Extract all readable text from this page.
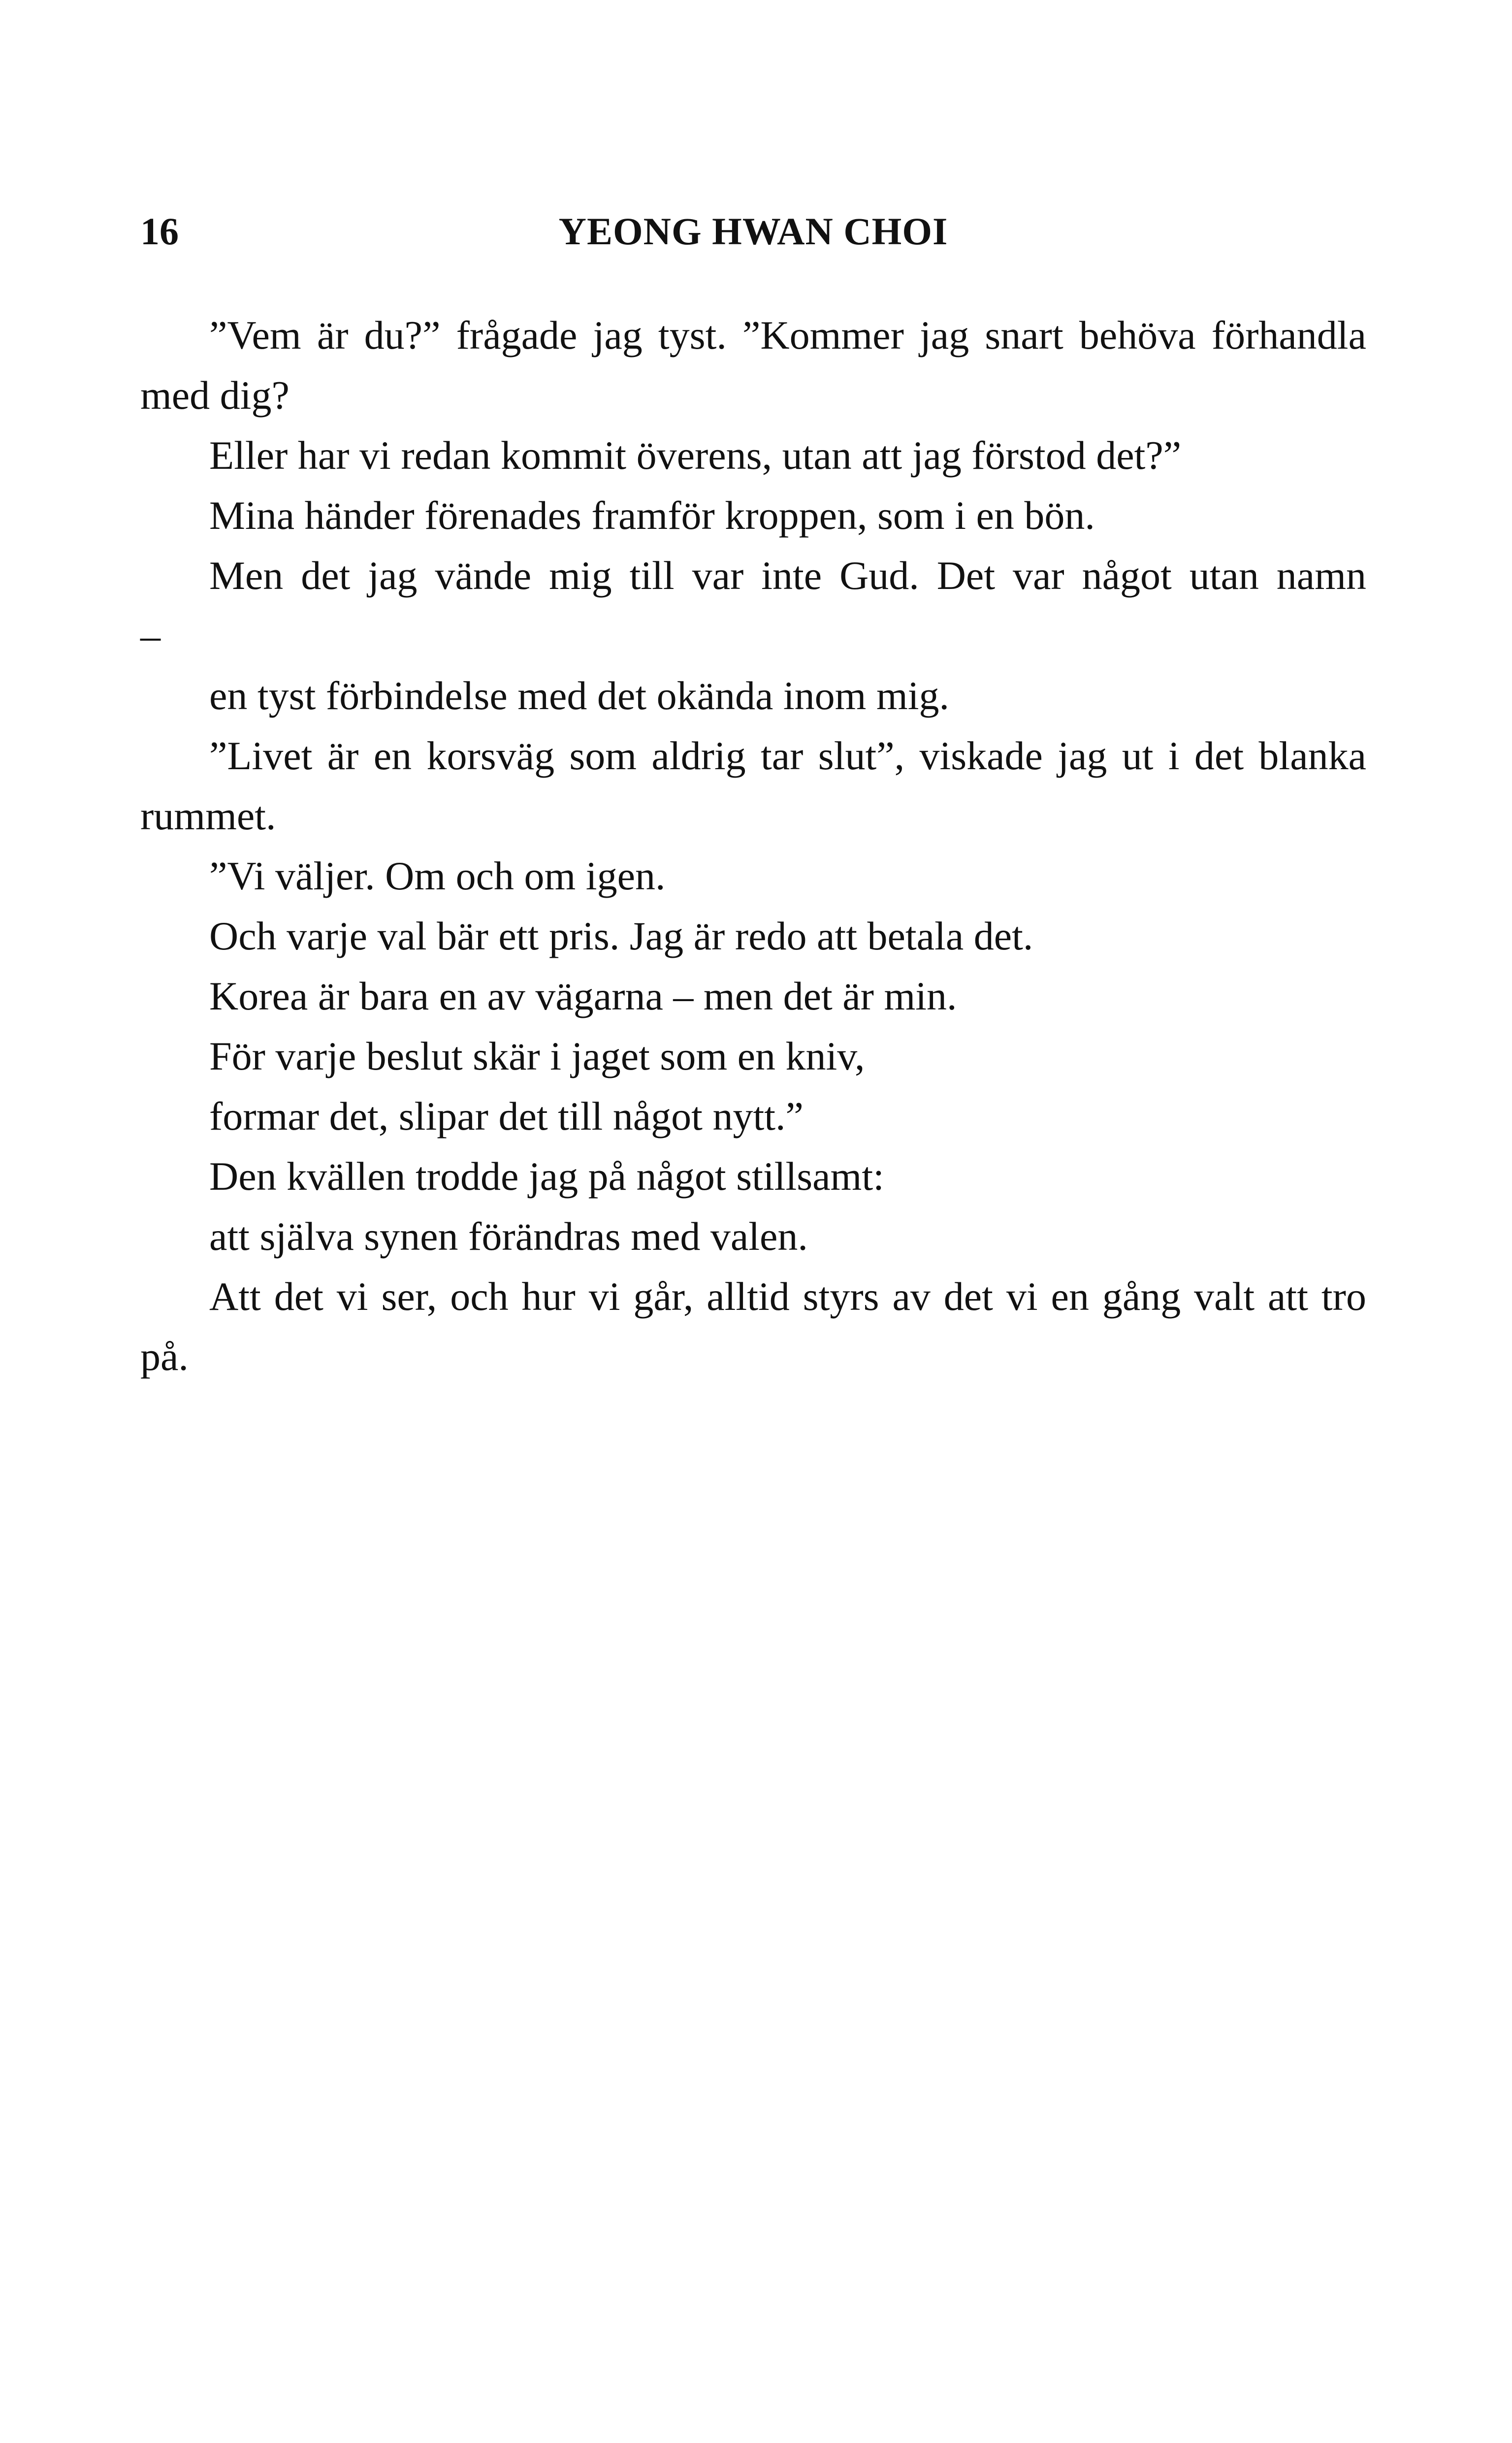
16	YEONG HWAN CHOI
”Vem är du?” frågade jag tyst. ”Kommer jag snart behöva förhandla
med dig?
Eller har vi redan kommit överens, utan att jag förstod det?”
Mina händer förenades framför kroppen, som i en bön.
Men det jag vände mig till var inte Gud. Det var något utan namn
–
en tyst förbindelse med det okända inom mig.
”Livet är en korsväg som aldrig tar slut”, viskade jag ut i det blanka
rummet.
”Vi väljer. Om och om igen.
Och varje val bär ett pris. Jag är redo att betala det.
Korea är bara en av vägarna – men det är min.
För varje beslut skär i jaget som en kniv,
formar det, slipar det till något nytt.”
Den kvällen trodde jag på något stillsamt:
att själva synen förändras med valen.
Att det vi ser, och hur vi går, alltid styrs av det vi en gång valt att tro
på.
